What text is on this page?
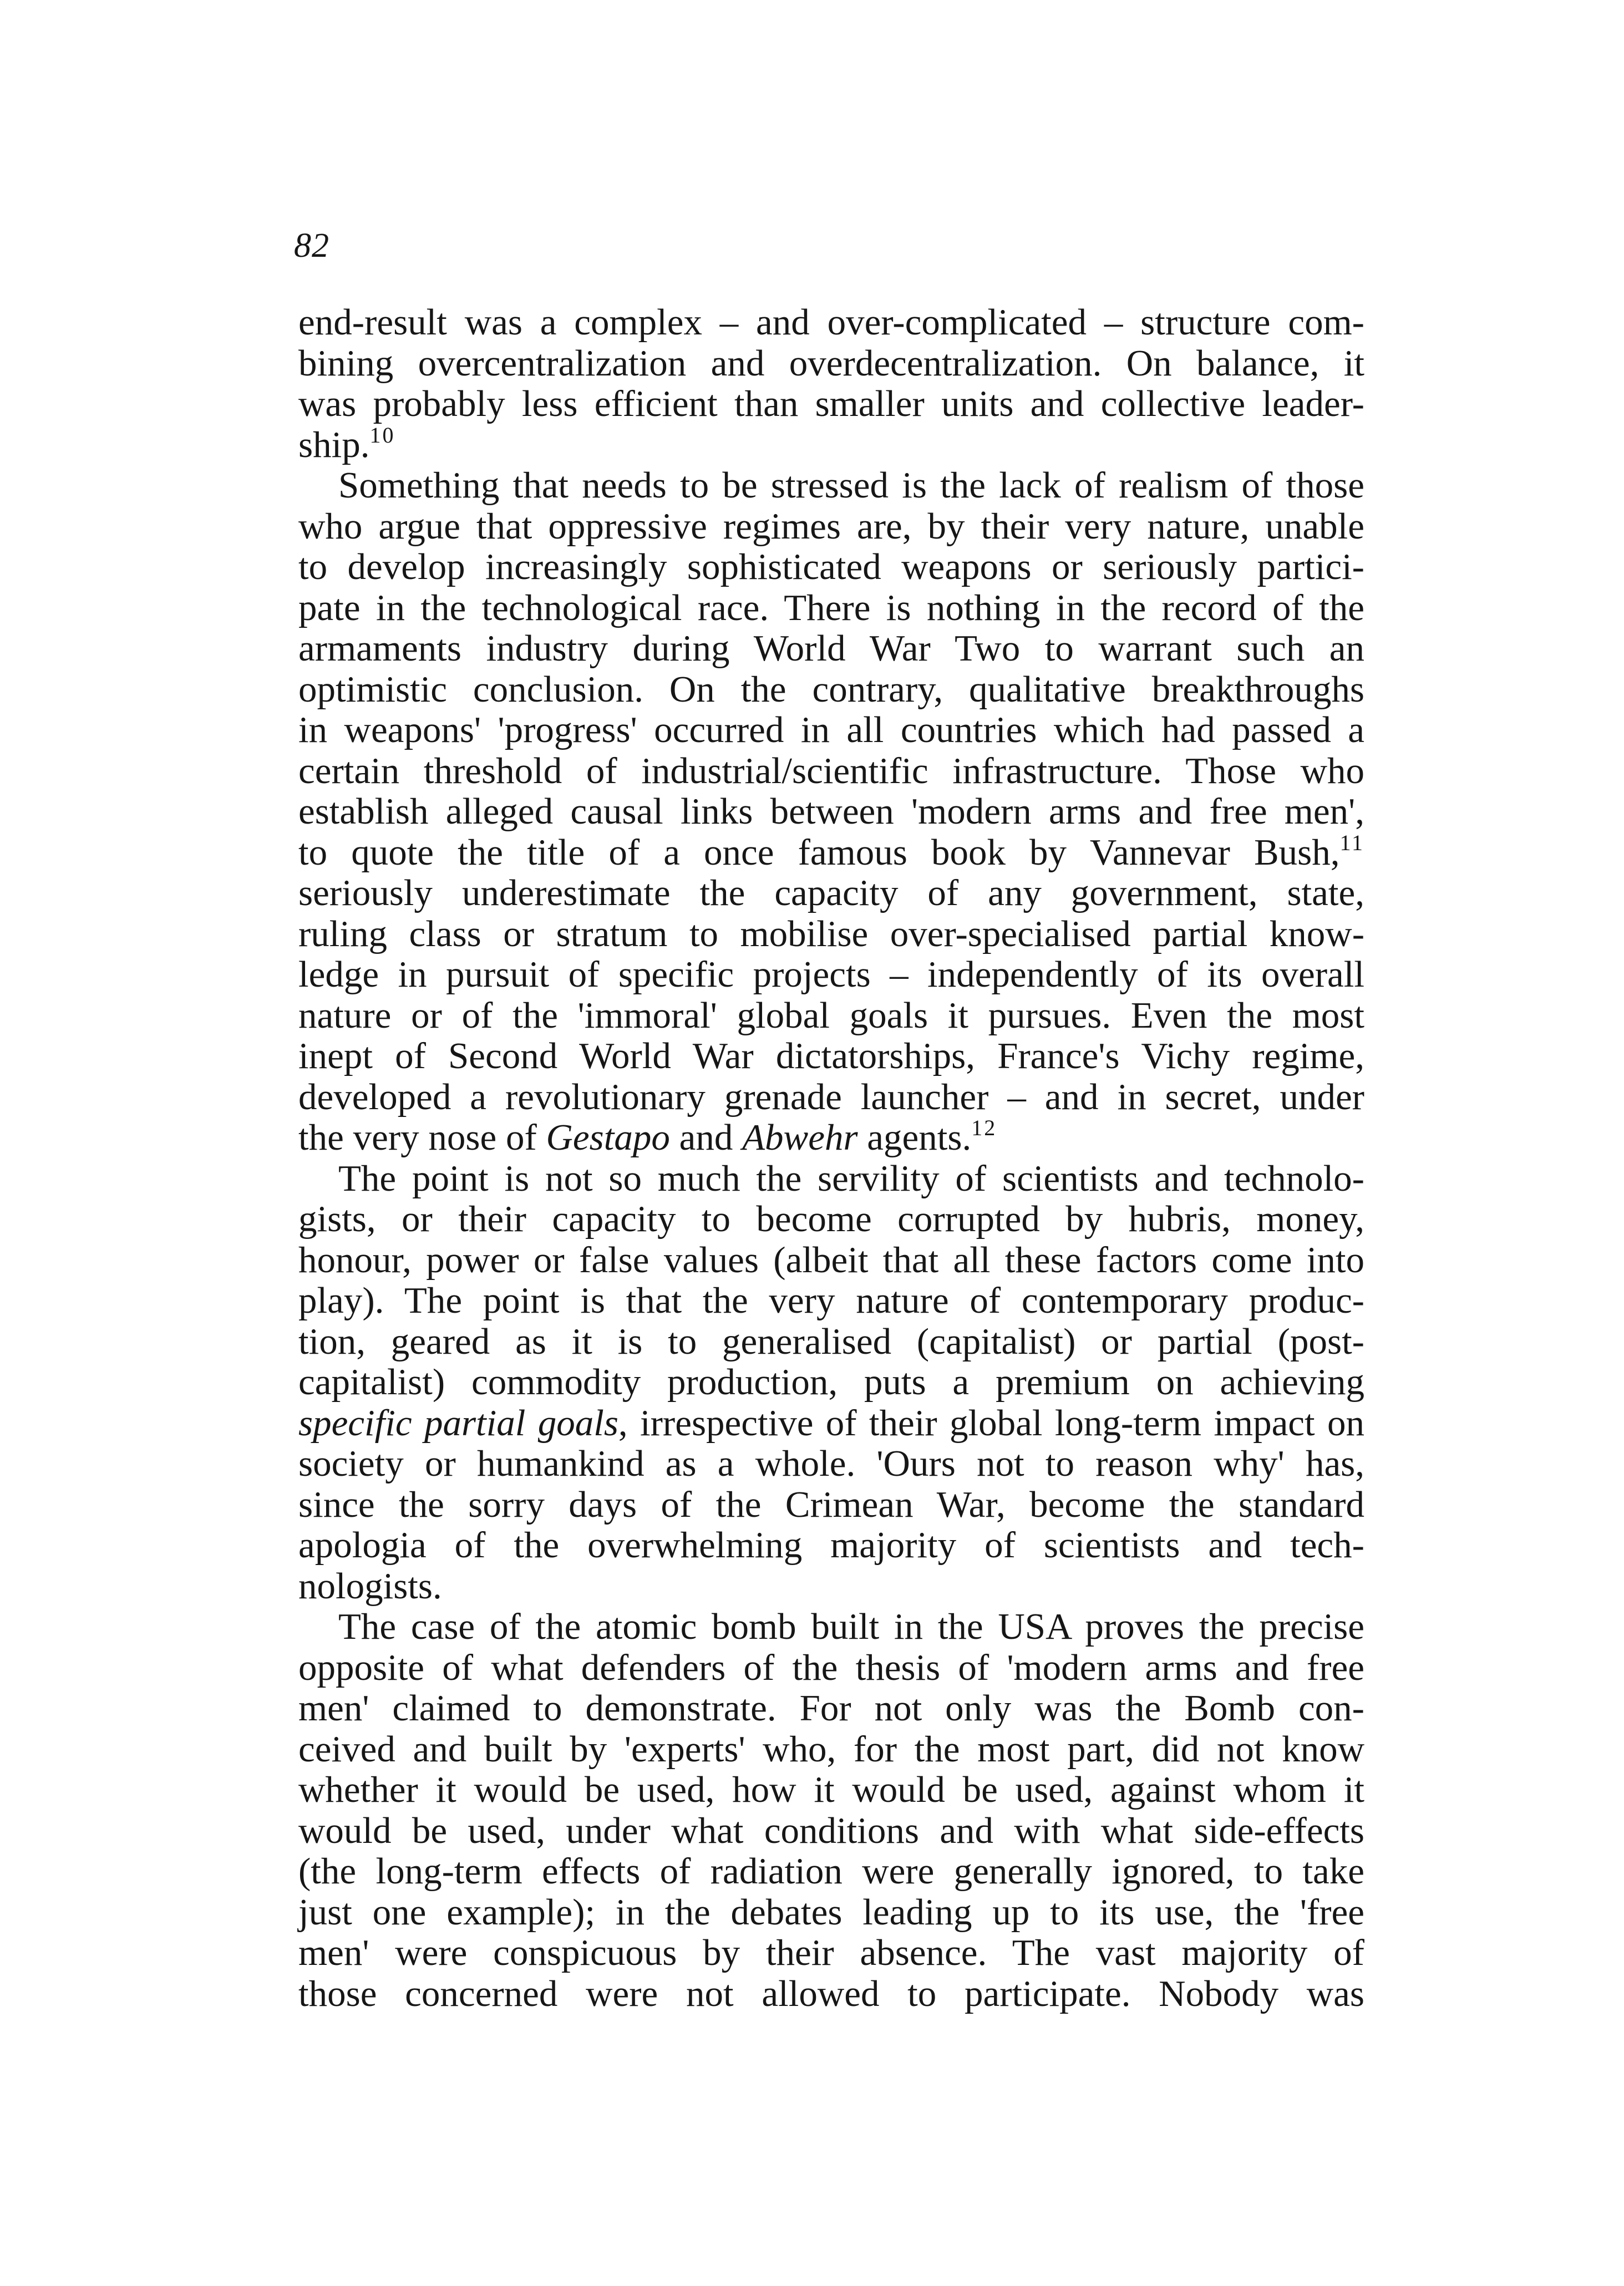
82
end-result was a complex – and over-complicated – structure com-
bining overcentralization and overdecentralization. On balance, it
was probably less efficient than smaller units and collective leader-
ship.$^{10}$
Something that needs to be stressed is the lack of realism of those
who argue that oppressive regimes are, by their very nature, unable
to develop increasingly sophisticated weapons or seriously partici-
pate in the technological race. There is nothing in the record of the
armaments industry during World War Two to warrant such an
optimistic conclusion. On the contrary, qualitative breakthroughs
in weapons' 'progress' occurred in all countries which had passed a
certain threshold of industrial/scientific infrastructure. Those who
establish alleged causal links between 'modern arms and free men',
to quote the title of a once famous book by Vannevar Bush,$^{11}$
seriously underestimate the capacity of any government, state,
ruling class or stratum to mobilise over-specialised partial know-
ledge in pursuit of specific projects – independently of its overall
nature or of the 'immoral' global goals it pursues. Even the most
inept of Second World War dictatorships, France's Vichy regime,
developed a revolutionary grenade launcher – and in secret, under
the very nose of Gestapo and Abwehr agents.$^{12}$
The point is not so much the servility of scientists and technolo-
gists, or their capacity to become corrupted by hubris, money,
honour, power or false values (albeit that all these factors come into
play). The point is that the very nature of contemporary produc-
tion, geared as it is to generalised (capitalist) or partial (post-
capitalist) commodity production, puts a premium on achieving
specific partial goals, irrespective of their global long-term impact on
society or humankind as a whole. 'Ours not to reason why' has,
since the sorry days of the Crimean War, become the standard
apologia of the overwhelming majority of scientists and tech-
nologists.
The case of the atomic bomb built in the USA proves the precise
opposite of what defenders of the thesis of 'modern arms and free
men' claimed to demonstrate. For not only was the Bomb con-
ceived and built by 'experts' who, for the most part, did not know
whether it would be used, how it would be used, against whom it
would be used, under what conditions and with what side-effects
(the long-term effects of radiation were generally ignored, to take
just one example); in the debates leading up to its use, the 'free
men' were conspicuous by their absence. The vast majority of
those concerned were not allowed to participate. Nobody was
